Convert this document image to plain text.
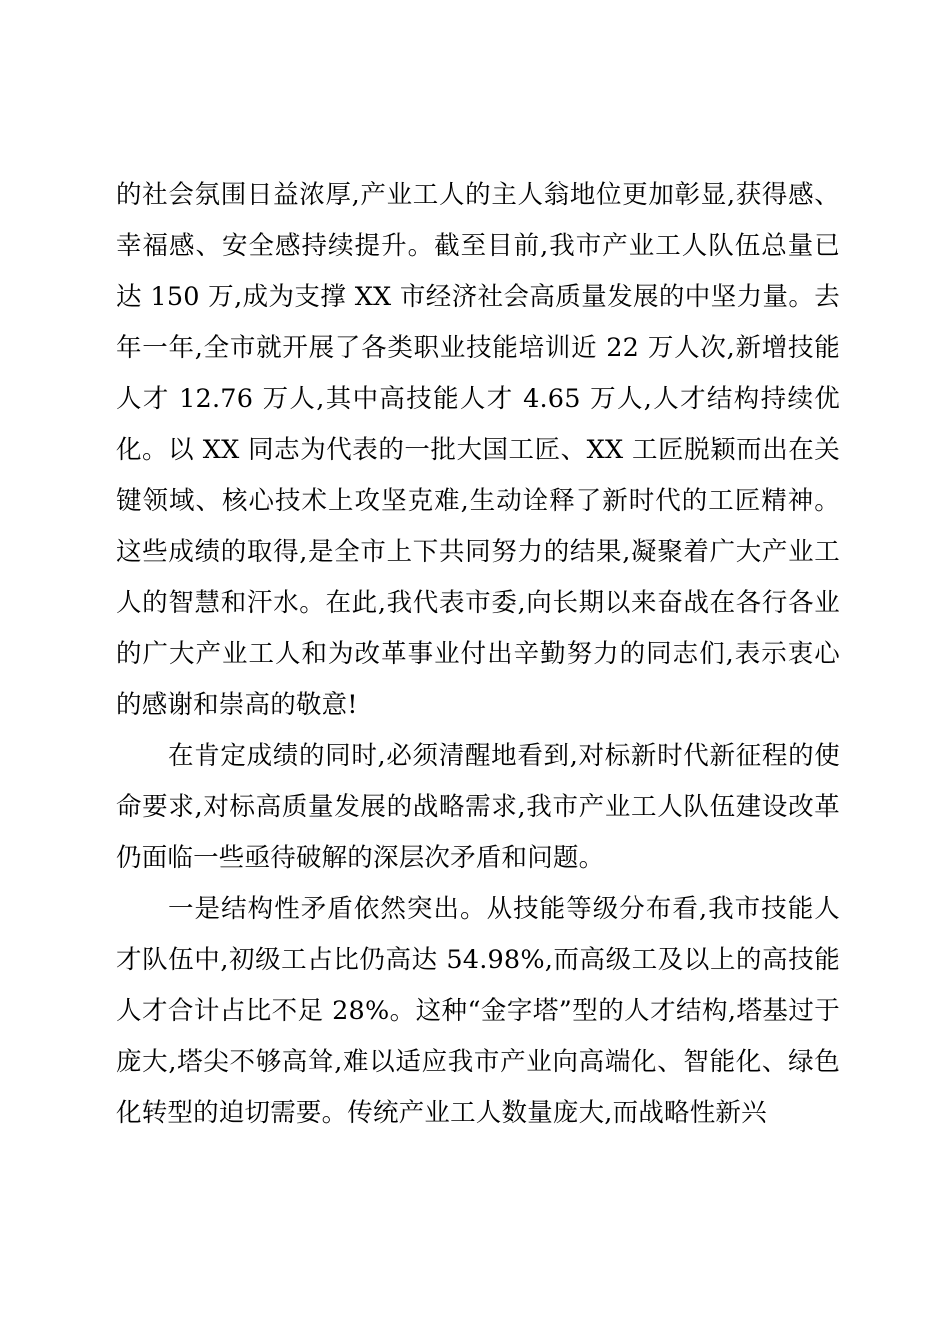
的社会氛围日益浓厚,产业工人的主人翁地位更加彰显,获得感、幸福感、安全感持续提升。截至目前,我市产业工人队伍总量已达 150 万,成为支撑 XX 市经济社会高质量发展的中坚力量。去年一年,全市就开展了各类职业技能培训近 22 万人次,新增技能人才 12.76 万人,其中高技能人才 4.65 万人,人才结构持续优化。以 XX 同志为代表的一批大国工匠、XX 工匠脱颖而出在关键领域、核心技术上攻坚克难,生动诠释了新时代的工匠精神。这些成绩的取得,是全市上下共同努力的结果,凝聚着广大产业工人的智慧和汗水。在此,我代表市委,向长期以来奋战在各行各业的广大产业工人和为改革事业付出辛勤努力的同志们,表示衷心的感谢和崇高的敬意!

在肯定成绩的同时,必须清醒地看到,对标新时代新征程的使命要求,对标高质量发展的战略需求,我市产业工人队伍建设改革仍面临一些亟待破解的深层次矛盾和问题。

一是结构性矛盾依然突出。从技能等级分布看,我市技能人才队伍中,初级工占比仍高达 54.98%,而高级工及以上的高技能人才合计占比不足 28%。这种“金字塔”型的人才结构,塔基过于庞大,塔尖不够高耸,难以适应我市产业向高端化、智能化、绿色化转型的迫切需要。传统产业工人数量庞大,而战略性新兴
